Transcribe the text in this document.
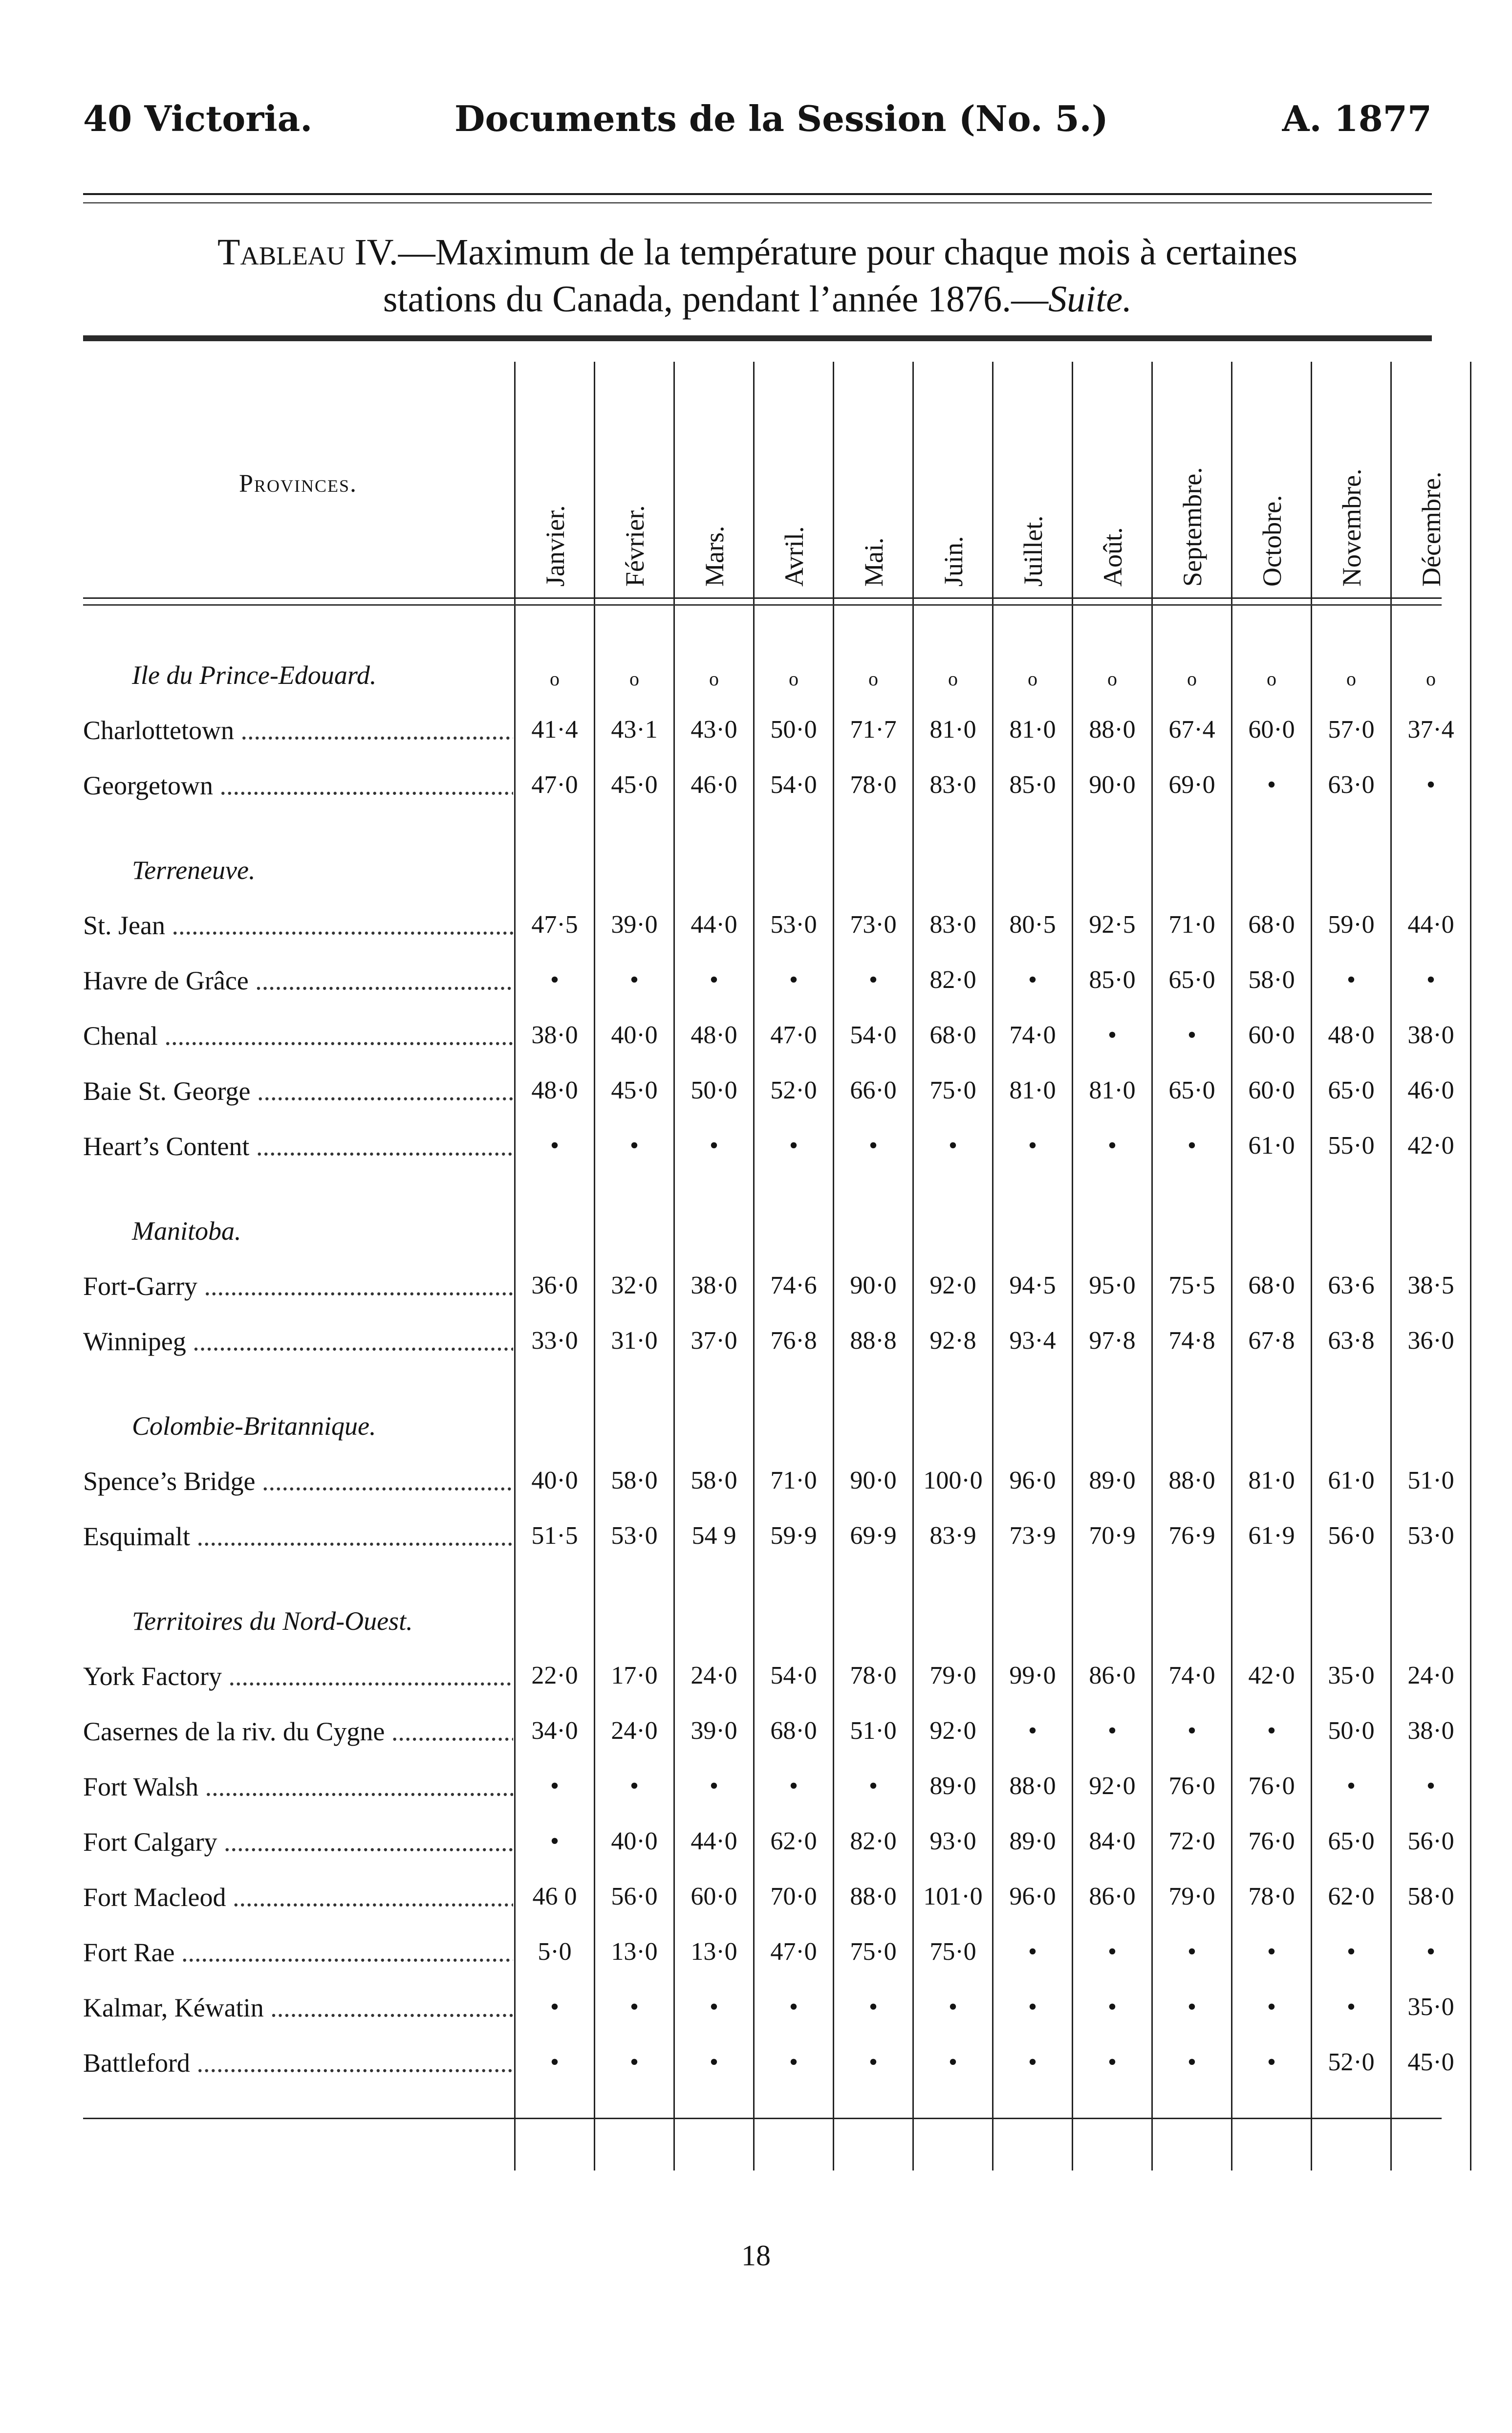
40 Victoria.	Documents de la Session (No. 5.)	A. 1877
Tableau IV.—Maximum de la température pour chaque mois à certaines
stations du Canada, pendant l’année 1876.—Suite.
Provinces.
Janvier. Février. Mars. Avril. Mai. Juin. Juillet. Août. Septembre. Octobre. Novembre. Décembre.
o	o	o	o	o	o	o	o	o	o	o	o
Ile du Prince-Edouard.
Charlottetown .....	41·4	43·1	43·0	50·0	71·7	81·0	81·0	88·0	67·4	60·0	57·0	37·4
Georgetown .....	47·0	45·0	46·0	54·0	78·0	83·0	85·0	90·0	69·0	•	63·0	•
Terreneuve.
St. Jean .....	47·5	39·0	44·0	53·0	73·0	83·0	80·5	92·5	71·0	68·0	59·0	44·0
Havre de Grâce .....	•	•	•	•	•	82·0	•	85·0	65·0	58·0	•	•
Chenal .....	38·0	40·0	48·0	47·0	54·0	68·0	74·0	•	•	60·0	48·0	38·0
Baie St. George .....	48·0	45·0	50·0	52·0	66·0	75·0	81·0	81·0	65·0	60·0	65·0	46·0
Heart’s Content .....	•	•	•	•	•	•	•	•	•	61·0	55·0	42·0
Manitoba.
Fort-Garry .....	36·0	32·0	38·0	74·6	90·0	92·0	94·5	95·0	75·5	68·0	63·6	38·5
Winnipeg .....	33·0	31·0	37·0	76·8	88·8	92·8	93·4	97·8	74·8	67·8	63·8	36·0
Colombie-Britannique.
Spence’s Bridge .....	40·0	58·0	58·0	71·0	90·0	100·0	96·0	89·0	88·0	81·0	61·0	51·0
Esquimalt .....	51·5	53·0	54 9	59·9	69·9	83·9	73·9	70·9	76·9	61·9	56·0	53·0
Territoires du Nord-Ouest.
York Factory .....	22·0	17·0	24·0	54·0	78·0	79·0	99·0	86·0	74·0	42·0	35·0	24·0
Casernes de la riv. du Cygne .....	34·0	24·0	39·0	68·0	51·0	92·0	•	•	•	•	50·0	38·0
Fort Walsh .....	•	•	•	•	•	89·0	88·0	92·0	76·0	76·0	•	•
Fort Calgary .....	•	40·0	44·0	62·0	82·0	93·0	89·0	84·0	72·0	76·0	65·0	56·0
Fort Macleod .....	46 0	56·0	60·0	70·0	88·0	101·0	96·0	86·0	79·0	78·0	62·0	58·0
Fort Rae .....	5·0	13·0	13·0	47·0	75·0	75·0	•	•	•	•	•	•
Kalmar, Kéwatin .....	•	•	•	•	•	•	•	•	•	•	•	35·0
Battleford .....	•	•	•	•	•	•	•	•	•	•	52·0	45·0
18
